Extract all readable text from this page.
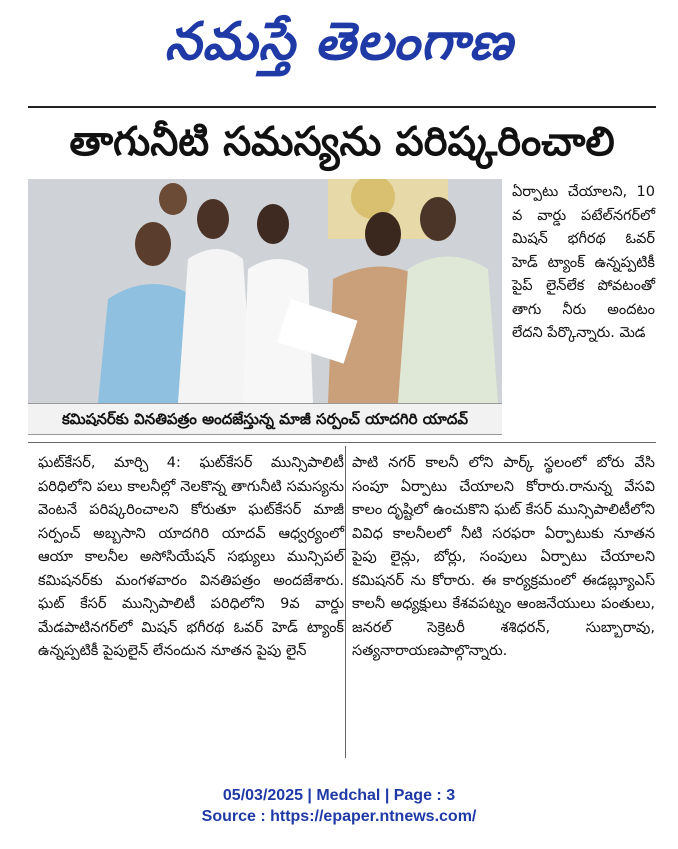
నమస్తే తెలంగాణ
తాగునీటి సమస్యను పరిష్కరించాలి
కమిషనర్‌కు వినతిపత్రం అందజేస్తున్న మాజీ సర్పంచ్ యాదగిరి యాదవ్

ఏర్పాటు చేయాలని, 10 వ వార్డు పటేల్‌నగర్‌లో మిషన్ భగీరథ ఓవర్ హెడ్ ట్యాంక్ ఉన్నప్పటికీ పైప్ లైన్‌లేక పోవటంతో తాగు నీరు అందటం లేదని పేర్కొన్నారు. మెడ

ఘట్‌కేసర్, మార్చి 4: ఘట్‌కేసర్ మున్సిపాలిటీ పరిధిలోని పలు కాలనీల్లో నెలకొన్న తాగునీటి సమస్యను వెంటనే పరిష్కరించాలని కోరుతూ ఘట్‌కేసర్ మాజీ సర్పంచ్ అబ్బసాని యాదగిరి యాదవ్ ఆధ్వర్యంలో ఆయా కాలనీల అసోసియేషన్ సభ్యులు మున్సిపల్ కమిషనర్‌కు మంగళవారం వినతిపత్రం అందజేశారు. ఘట్ కేసర్ మున్సిపాలిటీ పరిధిలోని 9వ వార్డు మేడపాటినగర్‌లో మిషన్ భగీరథ ఓవర్ హెడ్ ట్యాంక్ ఉన్నప్పటికీ పైపులైన్ లేనందున నూతన పైపు లైన్

పాటి నగర్ కాలనీ లోని పార్క్ స్థలంలో బోరు వేసి సంపూ ఏర్పాటు చేయాలని కోరారు.రానున్న వేసవి కాలం దృష్టిలో ఉంచుకొని ఘట్ కేసర్ మున్సిపాలిటీలోని వివిధ కాలనీలలో నీటి సరఫరా ఏర్పాటుకు నూతన పైపు లైన్లు, బోర్లు, సంపులు ఏర్పాటు చేయాలని కమిషనర్ ను కోరారు. ఈ కార్యక్రమంలో ఈడబ్ల్యూఎస్ కాలనీ అధ్యక్షులు కేశవపట్నం ఆంజనేయులు పంతులు, జనరల్ సెక్రెటరీ శశిధరన్, సుబ్బారావు, సత్యనారాయణపాల్గొన్నారు.

05/03/2025 | Medchal | Page : 3
Source : https://epaper.ntnews.com/
